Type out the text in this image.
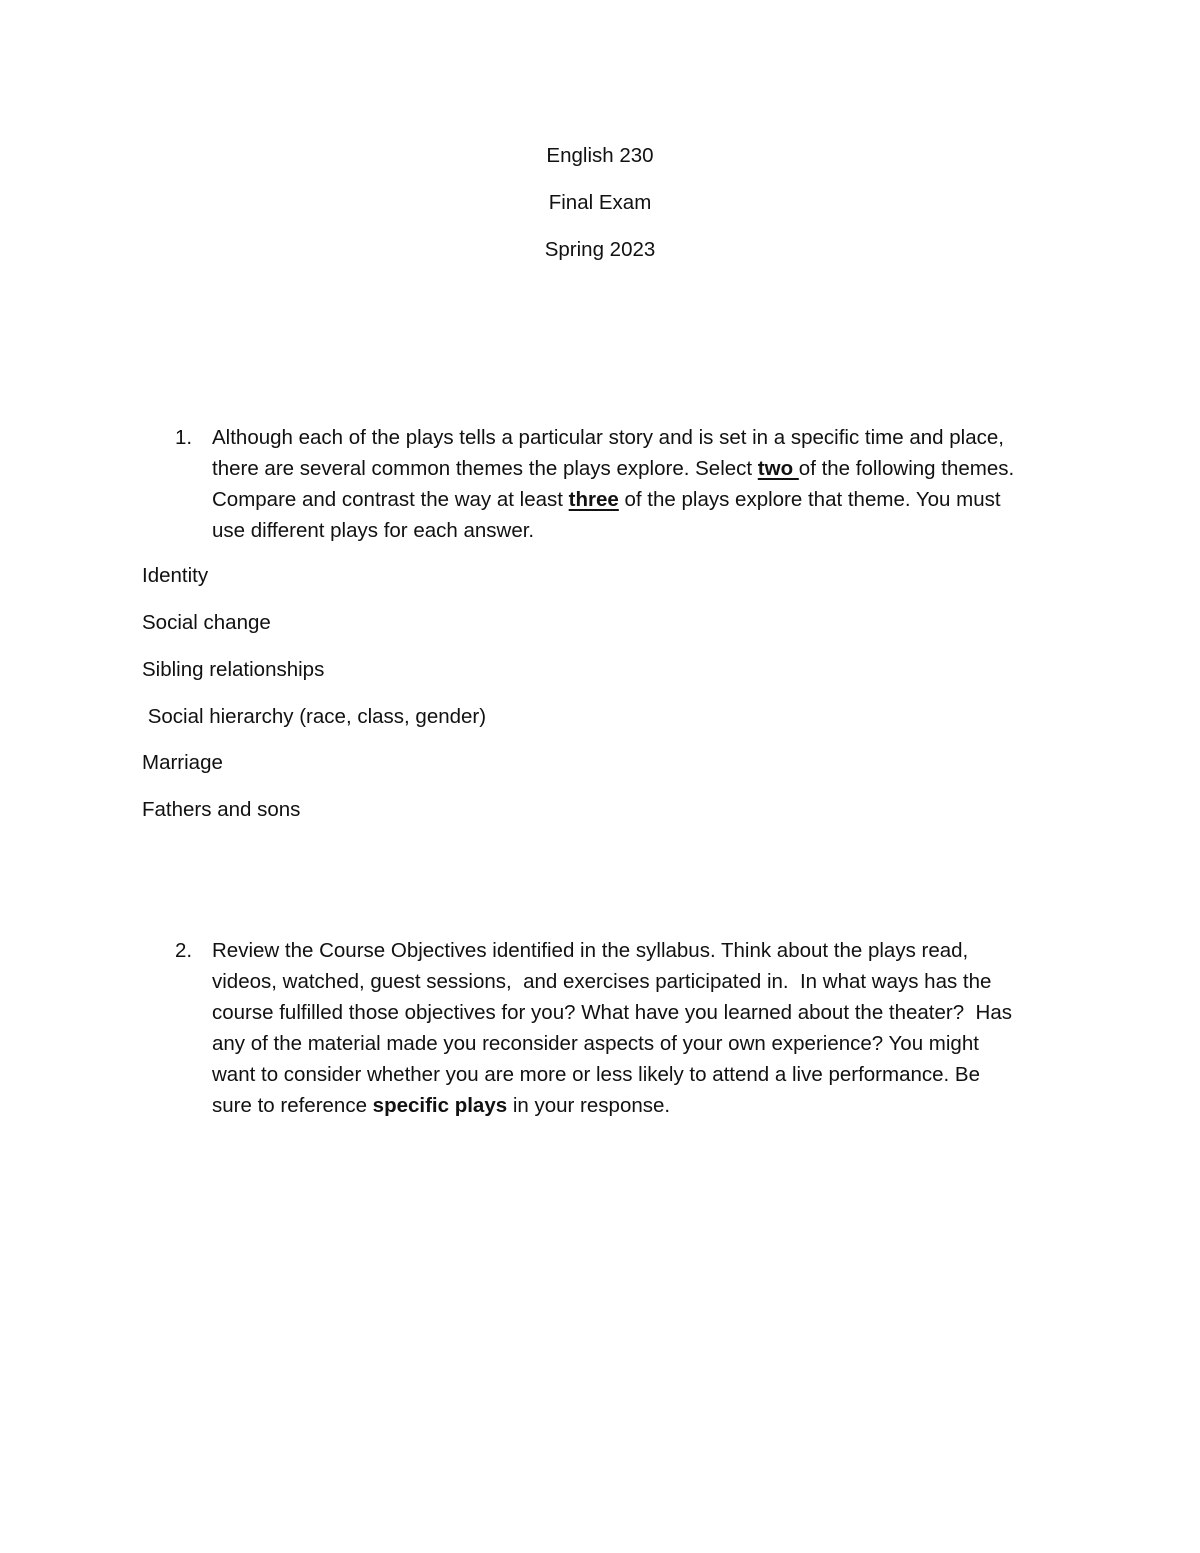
English 230
Final Exam
Spring 2023
1. Although each of the plays tells a particular story and is set in a specific time and place,
there are several common themes the plays explore. Select two of the following themes.
Compare and contrast the way at least three of the plays explore that theme. You must
use different plays for each answer.
Identity
Social change
Sibling relationships
Social hierarchy (race, class, gender)
Marriage
Fathers and sons
2. Review the Course Objectives identified in the syllabus. Think about the plays read,
videos, watched, guest sessions,  and exercises participated in.  In what ways has the
course fulfilled those objectives for you? What have you learned about the theater?  Has
any of the material made you reconsider aspects of your own experience? You might
want to consider whether you are more or less likely to attend a live performance. Be
sure to reference specific plays in your response.
